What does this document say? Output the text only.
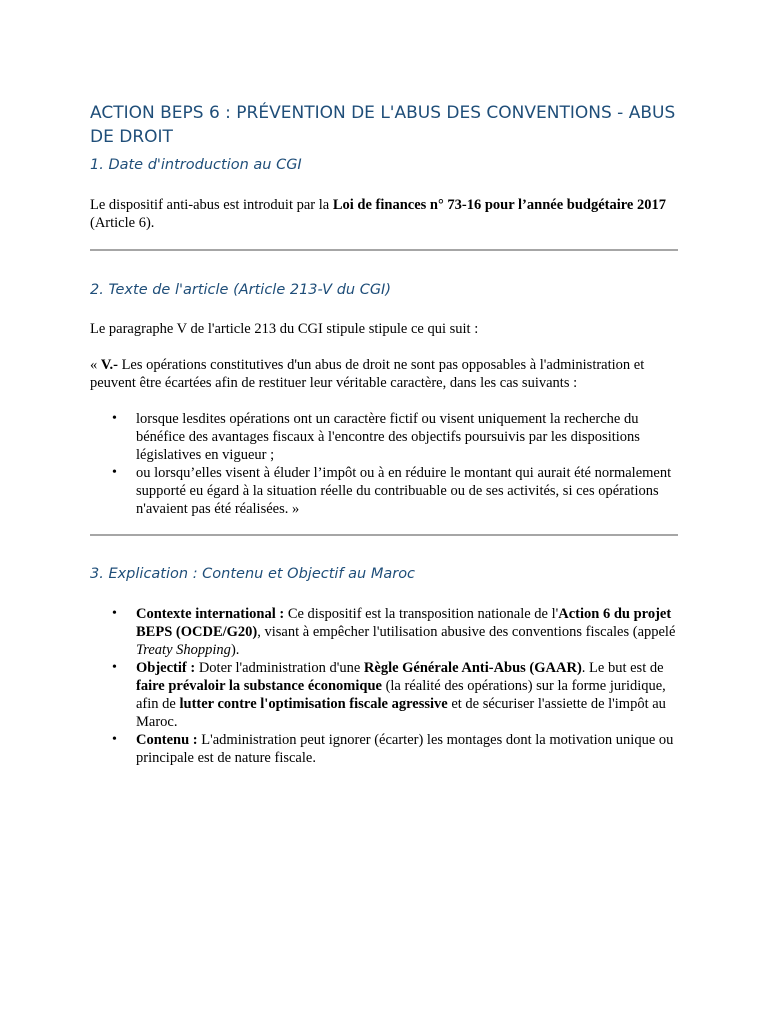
ACTION BEPS 6 : PRÉVENTION DE L'ABUS DES CONVENTIONS - ABUS DE DROIT
1. Date d'introduction au CGI

Le dispositif anti-abus est introduit par la Loi de finances n° 73-16 pour l’année budgétaire 2017 (Article 6).

2. Texte de l'article (Article 213-V du CGI)

Le paragraphe V de l'article 213 du CGI stipule stipule ce qui suit :

« V.- Les opérations constitutives d'un abus de droit ne sont pas opposables à l'administration et peuvent être écartées afin de restituer leur véritable caractère, dans les cas suivants :

• lorsque lesdites opérations ont un caractère fictif ou visent uniquement la recherche du bénéfice des avantages fiscaux à l'encontre des objectifs poursuivis par les dispositions législatives en vigueur ;
• ou lorsqu’elles visent à éluder l’impôt ou à en réduire le montant qui aurait été normalement supporté eu égard à la situation réelle du contribuable ou de ses activités, si ces opérations n'avaient pas été réalisées. »
3. Explication : Contenu et Objectif au Maroc
• Contexte international : Ce dispositif est la transposition nationale de l'Action 6 du projet BEPS (OCDE/G20), visant à empêcher l'utilisation abusive des conventions fiscales (appelé Treaty Shopping).
• Objectif : Doter l'administration d'une Règle Générale Anti-Abus (GAAR). Le but est de faire prévaloir la substance économique (la réalité des opérations) sur la forme juridique, afin de lutter contre l'optimisation fiscale agressive et de sécuriser l'assiette de l'impôt au Maroc.
• Contenu : L'administration peut ignorer (écarter) les montages dont la motivation unique ou principale est de nature fiscale.
